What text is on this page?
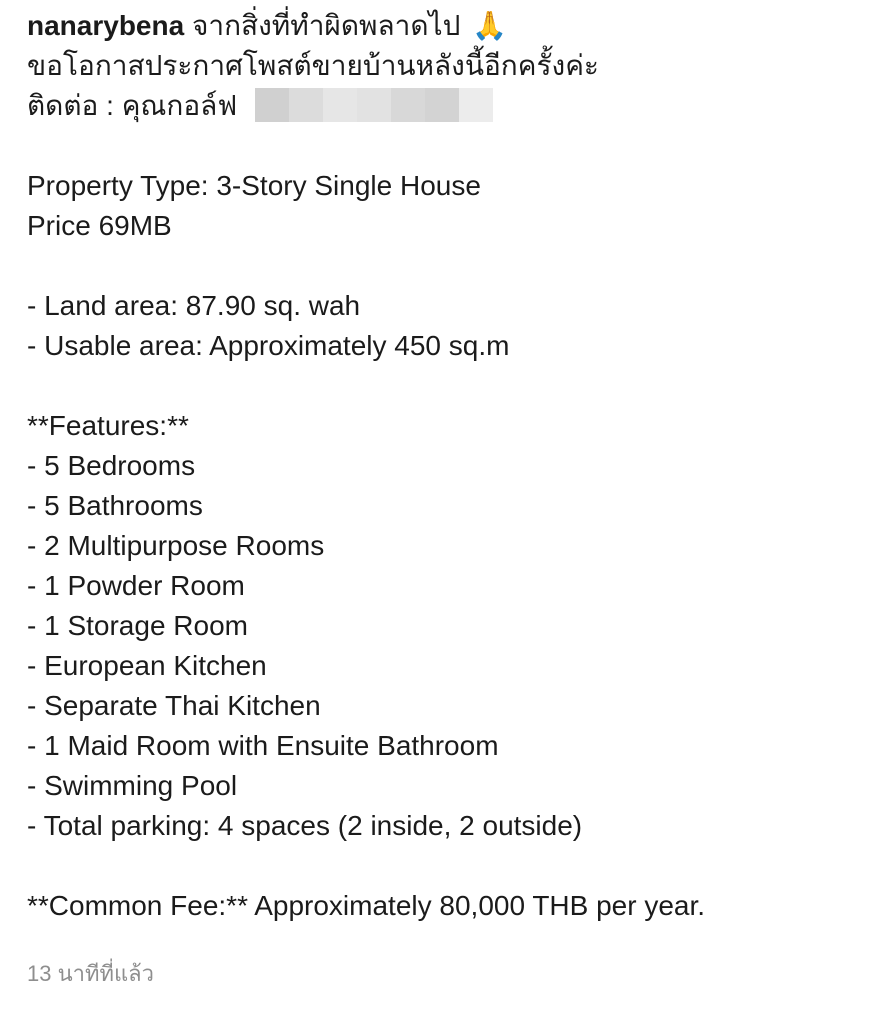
nanarybena จากสิ่งที่ทำผิดพลาดไป 🙏
ขอโอกาสประกาศโพสต์ขายบ้านหลังนี้อีกครั้งค่ะ
ติดต่อ : คุณกอล์ฟ
Property Type: 3-Story Single House
Price 69MB
- Land area: 87.90 sq. wah
- Usable area: Approximately 450 sq.m
**Features:**
- 5 Bedrooms
- 5 Bathrooms
- 2 Multipurpose Rooms
- 1 Powder Room
- 1 Storage Room
- European Kitchen
- Separate Thai Kitchen
- 1 Maid Room with Ensuite Bathroom
- Swimming Pool
- Total parking: 4 spaces (2 inside, 2 outside)
**Common Fee:** Approximately 80,000 THB per year.
13 นาทีที่แล้ว
